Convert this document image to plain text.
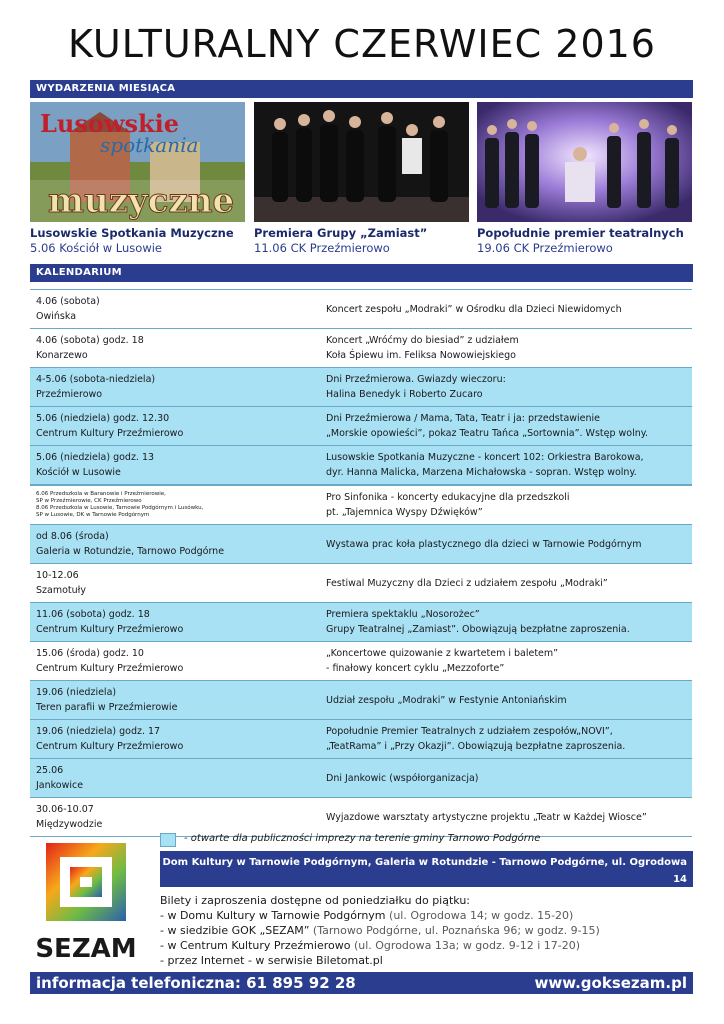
KULTURALNY CZERWIEC 2016
WYDARZENIA MIESIĄCA
Lusowskie
spotkania
muzyczne
Lusowskie Spotkania Muzyczne
5.06 Kościół w Lusowie
Premiera Grupy „Zamiast”
11.06 CK Przeźmierowo
Popołudnie premier teatralnych
19.06 CK Przeźmierowo
KALENDARIUM
4.06 (sobota)
Owińska
Koncert zespołu „Modraki” w Ośrodku dla Dzieci Niewidomych
4.06 (sobota) godz. 18
Konarzewo
Koncert „Wróćmy do biesiad” z udziałem
Koła Śpiewu im. Feliksa Nowowiejskiego
4-5.06 (sobota-niedziela)
Przeźmierowo
Dni Przeźmierowa. Gwiazdy wieczoru:
Halina Benedyk i Roberto Zucaro
5.06 (niedziela) godz. 12.30
Centrum Kultury Przeźmierowo
Dni Przeźmierowa / Mama, Tata, Teatr i ja: przedstawienie
„Morskie opowieści”, pokaz Teatru Tańca „Sortownia”. Wstęp wolny.
5.06 (niedziela) godz. 13
Kościół w Lusowie
Lusowskie Spotkania Muzyczne - koncert 102: Orkiestra Barokowa,
dyr. Hanna Malicka, Marzena Michałowska - sopran. Wstęp wolny.
6.06 Przedszkola w Baranowie i Przeźmierowie,
SP w Przeźmierowie, CK Przeźmierowo
8.06 Przedszkola w Lusowie, Tarnowie Podgórnym i Lusówku,
SP w Lusowie, DK w Tarnowie Podgórnym
Pro Sinfonika - koncerty edukacyjne dla przedszkoli
pt. „Tajemnica Wyspy Dźwięków”
od 8.06 (środa)
Galeria w Rotundzie, Tarnowo Podgórne
Wystawa prac koła plastycznego dla dzieci w Tarnowie Podgórnym
10-12.06
Szamotuły
Festiwal Muzyczny dla Dzieci z udziałem zespołu „Modraki”
11.06 (sobota) godz. 18
Centrum Kultury Przeźmierowo
Premiera spektaklu „Nosorożec”
Grupy Teatralnej „Zamiast”. Obowiązują bezpłatne zaproszenia.
15.06 (środa) godz. 10
Centrum Kultury Przeźmierowo
„Koncertowe quizowanie z kwartetem i baletem”
- finałowy koncert cyklu „Mezzoforte”
19.06 (niedziela)
Teren parafii w Przeźmierowie
Udział zespołu „Modraki” w Festynie Antoniańskim
19.06 (niedziela) godz. 17
Centrum Kultury Przeźmierowo
Popołudnie Premier Teatralnych z udziałem zespołów„NOVI”,
„TeatRama” i „Przy Okazji”. Obowiązują bezpłatne zaproszenia.
25.06
Jankowice
Dni Jankowic (współorganizacja)
30.06-10.07
Międzywodzie
Wyjazdowe warsztaty artystyczne projektu „Teatr w Każdej Wiosce”
- otwarte dla publiczności imprezy na terenie gminy Tarnowo Podgórne
SEZAM
Dom Kultury w Tarnowie Podgórnym, Galeria w Rotundzie - Tarnowo Podgórne, ul. Ogrodowa 14
Centrum Kultury Przeźmierowo - ul. Ogrodowa 13a
Bilety i zaproszenia dostępne od poniedziałku do piątku:
- w Domu Kultury w Tarnowie Podgórnym (ul. Ogrodowa 14; w godz. 15-20)
- w siedzibie GOK „SEZAM” (Tarnowo Podgórne, ul. Poznańska 96; w godz. 9-15)
- w Centrum Kultury Przeźmierowo (ul. Ogrodowa 13a; w godz. 9-12 i 17-20)
- przez Internet - w serwisie Biletomat.pl
informacja telefoniczna: 61 895 92 28	www.goksezam.pl
